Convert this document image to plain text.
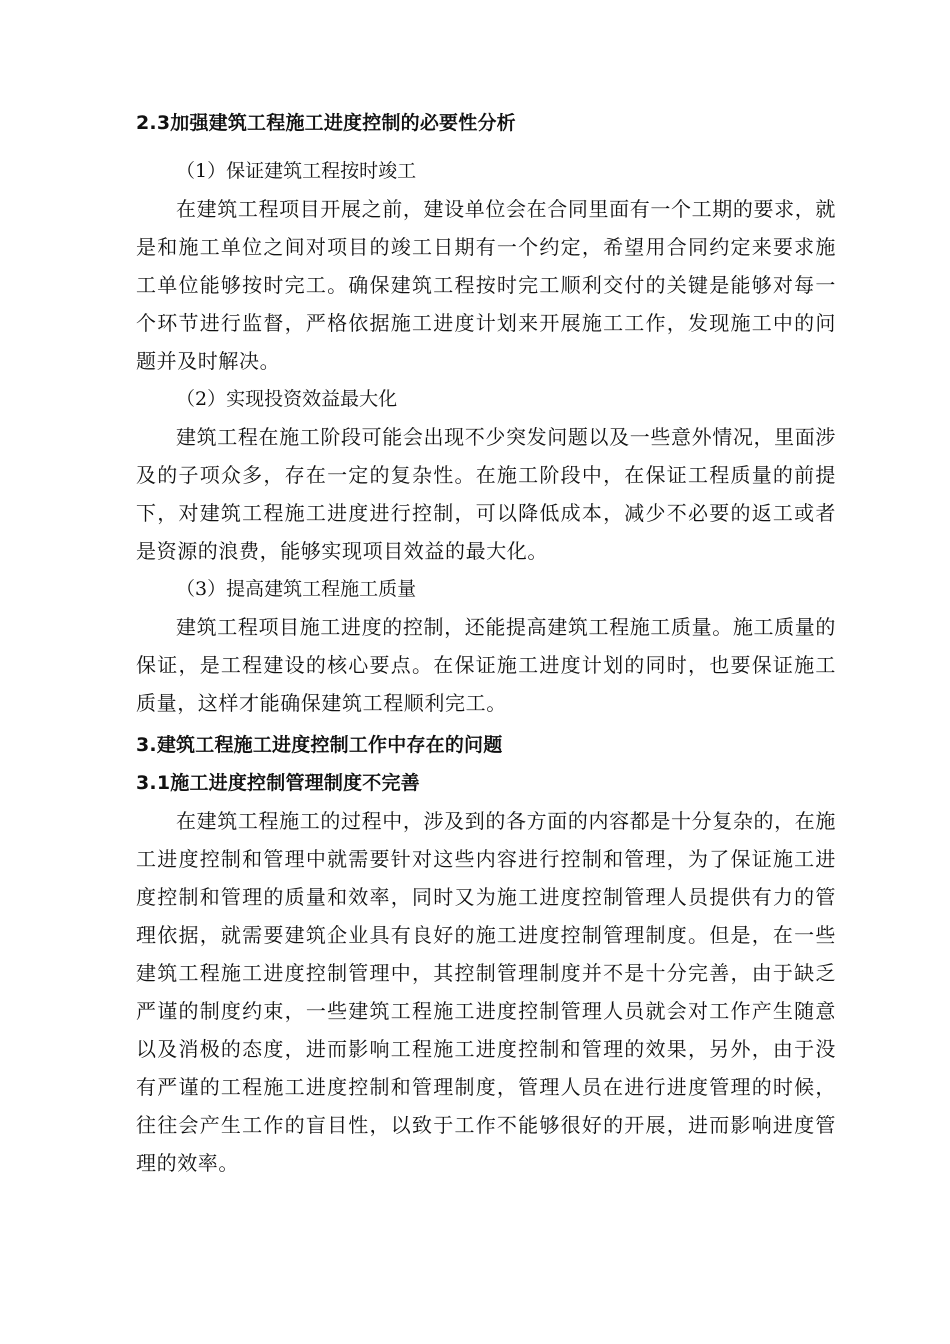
2.3加强建筑工程施工进度控制的必要性分析
（1）保证建筑工程按时竣工

在建筑工程项目开展之前，建设单位会在合同里面有一个工期的要求，就是和施工单位之间对项目的竣工日期有一个约定，希望用合同约定来要求施工单位能够按时完工。确保建筑工程按时完工顺利交付的关键是能够对每一个环节进行监督，严格依据施工进度计划来开展施工工作，发现施工中的问题并及时解决。

（2）实现投资效益最大化

建筑工程在施工阶段可能会出现不少突发问题以及一些意外情况，里面涉及的子项众多，存在一定的复杂性。在施工阶段中，在保证工程质量的前提下，对建筑工程施工进度进行控制，可以降低成本，减少不必要的返工或者是资源的浪费，能够实现项目效益的最大化。

（3）提高建筑工程施工质量

建筑工程项目施工进度的控制，还能提高建筑工程施工质量。施工质量的保证，是工程建设的核心要点。在保证施工进度计划的同时，也要保证施工质量，这样才能确保建筑工程顺利完工。

3.建筑工程施工进度控制工作中存在的问题
3.1施工进度控制管理制度不完善

在建筑工程施工的过程中，涉及到的各方面的内容都是十分复杂的，在施工进度控制和管理中就需要针对这些内容进行控制和管理，为了保证施工进度控制和管理的质量和效率，同时又为施工进度控制管理人员提供有力的管理依据，就需要建筑企业具有良好的施工进度控制管理制度。但是，在一些建筑工程施工进度控制管理中，其控制管理制度并不是十分完善，由于缺乏严谨的制度约束，一些建筑工程施工进度控制管理人员就会对工作产生随意以及消极的态度，进而影响工程施工进度控制和管理的效果，另外，由于没有严谨的工程施工进度控制和管理制度，管理人员在进行进度管理的时候，往往会产生工作的盲目性，以致于工作不能够很好的开展，进而影响进度管理的效率。
